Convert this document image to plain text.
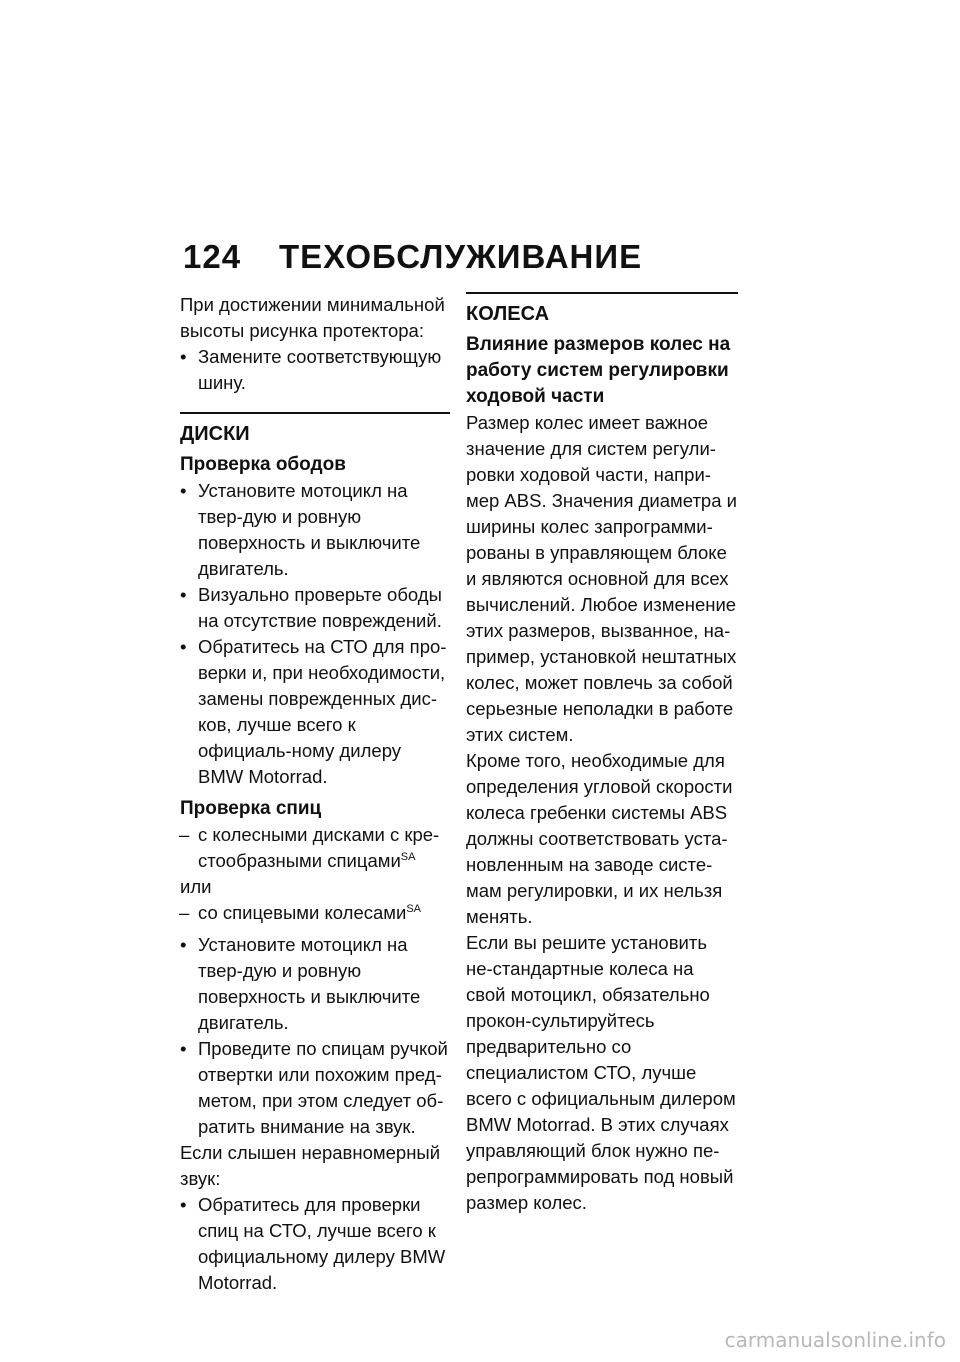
124 ТЕХОБСЛУЖИВАНИЕ

При достижении минимальной высоты рисунка протектора:

• Замените соответствующую шину.
ДИСКИ
Проверка ободов
• Установите мотоцикл на твер-дую и ровную поверхность и выключите двигатель.
• Визуально проверьте ободы на отсутствие повреждений.
• Обратитесь на СТО для про-верки и, при необходимости, замены поврежденных дис-ков, лучше всего к официаль-ному дилеру BMW Motorrad.
Проверка спиц
– с колесными дисками с кре-стообразными спицами$^{SA}$

или

– со спицевыми колесами$^{SA}$
• Установите мотоцикл на твер-дую и ровную поверхность и выключите двигатель.
• Проведите по спицам ручкой отвертки или похожим пред-метом, при этом следует об-ратить внимание на звук.

Если слышен неравномерный звук:

• Обратитесь для проверки спиц на СТО, лучше всего к официальному дилеру BMW Motorrad.
КОЛЕСА
Влияние размеров колес на работу систем регулировки ходовой части

Размер колес имеет важное значение для систем регули-ровки ходовой части, напри-мер ABS. Значения диаметра и ширины колес запрограмми-рованы в управляющем блоке и являются основной для всех вычислений. Любое изменение этих размеров, вызванное, на-пример, установкой нештатных колес, может повлечь за собой серьезные неполадки в работе этих систем.

Кроме того, необходимые для определения угловой скорости колеса гребенки системы ABS должны соответствовать уста-новленным на заводе систе-мам регулировки, и их нельзя менять.

Если вы решите установить не-стандартные колеса на свой мотоцикл, обязательно прокон-сультируйтесь предварительно со специалистом СТО, лучше всего с официальным дилером BMW Motorrad. В этих случаях управляющий блок нужно пе-репрограммировать под новый размер колес.

carmanualsonline.info
